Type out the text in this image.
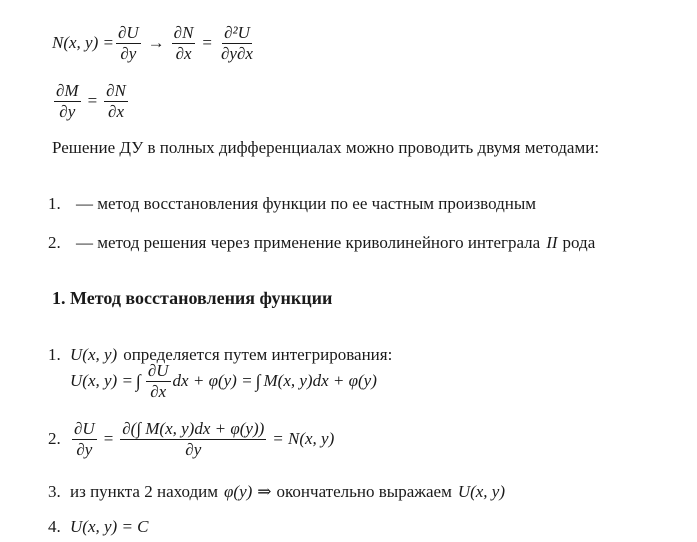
N(x, $y) = \frac{\partial U}{\partial y} \to \frac{\partial N}{\partial x} = \frac{\text{∂²U}}{\partial y\partial x}$
$\frac{\partial M}{\partial y} = \frac{\partial N}{\partial x}$
Решение ДУ в полных дифференциалах можно проводить двумя методами:
1. — метод восстановления функции по ее частным производным
2. — метод решения через применение криволинейного интеграла II рода
1. Метод восстановления функции
1. U(x, y) определяется путем интегрирования:
U(x, y) = ∫ $\frac{\partial U}{\partial x}$ dx + φ(y) = ∫ M(x, y)dx + φ(y)
2. $\frac{\partial U}{\partial y} = \frac{\partial(\int M(x, y)dx + \varphi(y))}{\partial y} = N(x$, y)
3. из пункта 2 находим φ(y) ⇒ окончательно выражаем U(x, y)
4. U(x, y) = C
